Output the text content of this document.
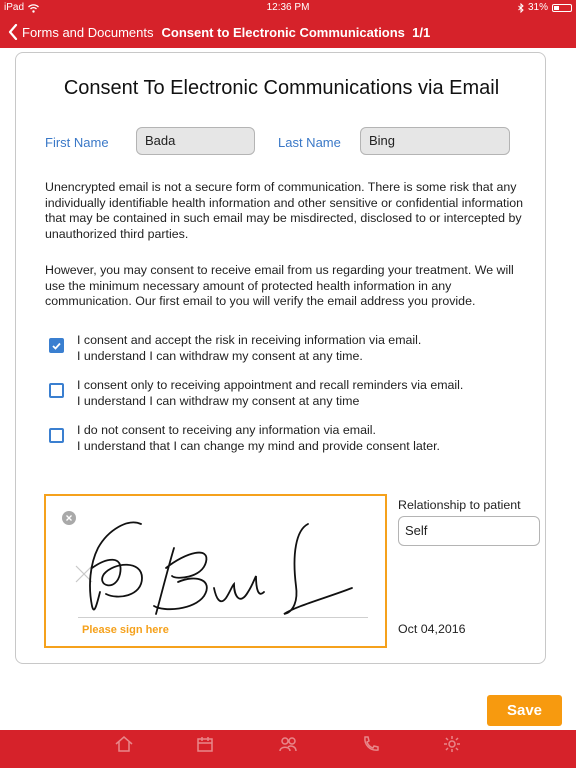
iPad	12:36 PM	31%
Forms and Documents Consent to Electronic Communications  1/1
Consent To Electronic Communications via Email
First Name	Bada	Last Name	Bing
Unencrypted email is not a secure form of communication. There is some risk that any individually identifiable health information and other sensitive or confidential information that may be contained in such email may be misdirected, disclosed to or intercepted by unauthorized third parties.
However, you may consent to receive email from us regarding your treatment. We will use the minimum necessary amount of protected health information in any communication. Our first email to you will verify the email address you provide.
I consent and accept the risk in receiving information via email.
I understand I can withdraw my consent at any time.
I consent only to receiving appointment and recall reminders via email.
I understand I can withdraw my consent at any time
I do not consent to receiving any information via email.
I understand that I can change my mind and provide consent later.
Please sign here
Relationship to patient
Self
Oct 04,2016
Save
